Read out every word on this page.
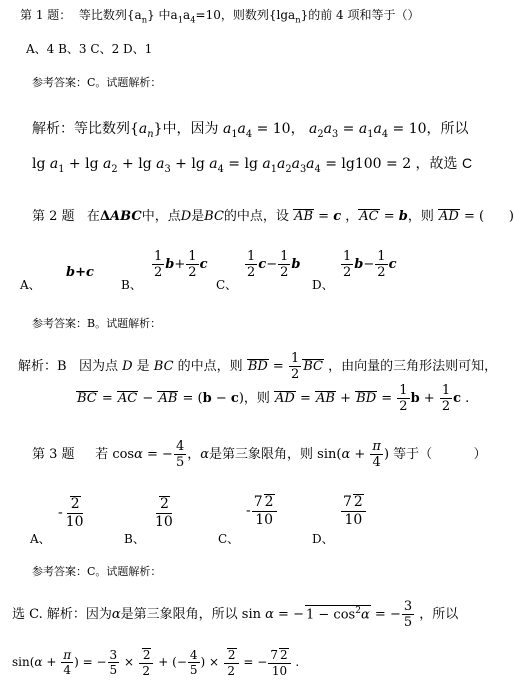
第 1 题：  等比数列$\{a_n\}$ 中$a_1a_4=10$，则数列{lga$_n$}的前 4 项和等于（）
A、4 B、3 C、2 D、1
参考答案：C。试题解析：
解析：等比数列$\{a_n\}$中，因为 $a_1a_4 = 10$， $a_2a_3 = a_1a_4 = 10$，所以
$\lg a_1 + \lg a_2 + \lg a_3 + \lg a_4 = \lg a_1a_2a_3a_4 = \lg 100 = 2$ ，故选 C
第 2 题   在ΔABC中，点D是BC的中点，设 AB = c ，AC = b，则 AD = (      )
A、
b+c
B、
$\frac{1}{2} b+ \frac{1}{2}$ c
C、
$\frac{1}{2} c- \frac{1}{2}$ b
D、
$\frac{1}{2} b- \frac{1}{2}$ c
参考答案：B。试题解析：
解析：B   因为点 D 是 BC 的中点，则 BD = $\frac{1}{2}$ BC ，由向量的三角形法则可知，
BC = AC − AB = (b − c)，则 AD = AB + BD = $\frac{1}{2}$ $b + \frac{1}{2}$ c .
第 3 题     若 cosα = − $\frac{4}{5}$ ，α是第三象限角，则 $\sin(\alpha + \frac{\pi}{4}$ ) 等于（          ）
A、
- $\frac{2}{10}$
B、
$\frac{2}{10}$
C、
- $\frac{7 2}{10}$
D、
$\frac{7 2}{10}$
参考答案：C。试题解析：
选 C. 解析：因为α是第三象限角，所以 sin α = − $1 - \cos^2\alpha$ = − $\frac{3}{5}$ ，所以
$\sin(\alpha + \frac{\pi}{4}$ ) = − $\frac{3}{5} \times \frac{2}{2}$ + (− $\frac{4}{5}$ ) × $\frac{2}{2}$ = − $\frac{7 2}{10}$ .
